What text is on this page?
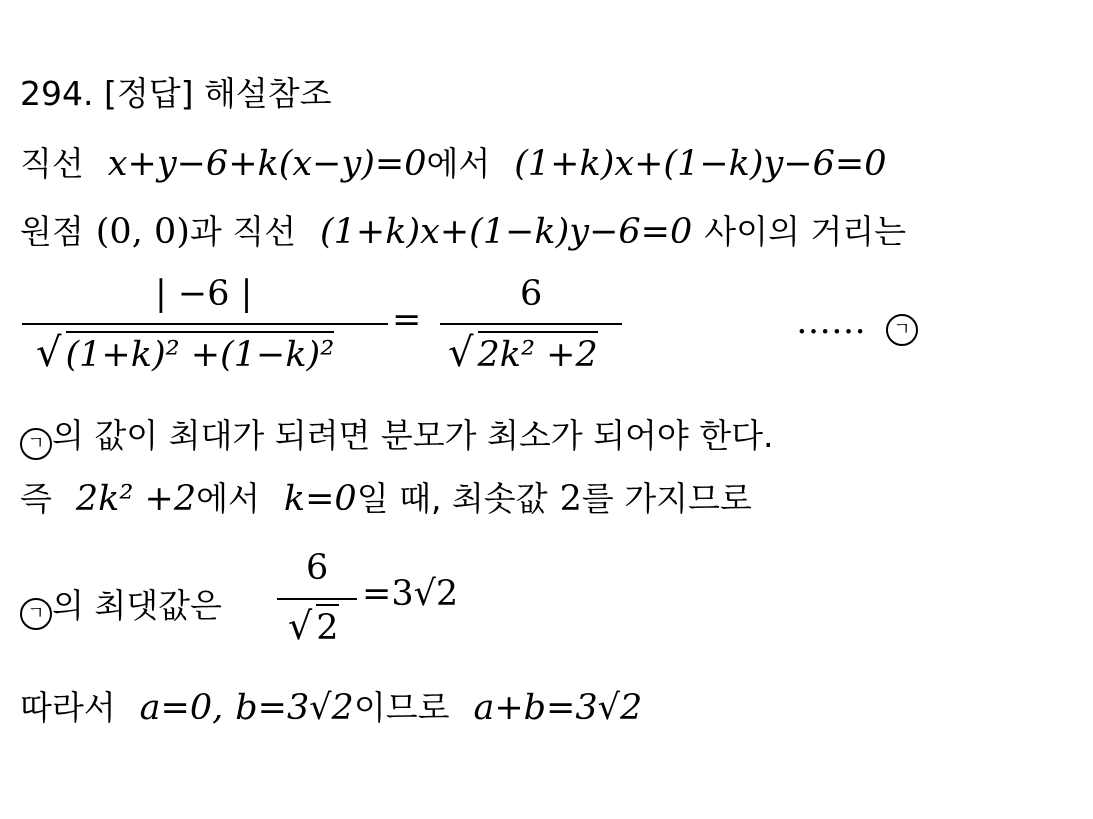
294. [정답] 해설참조
직선 x+y−6+k(x−y)=0 에서 (1+k)x+(1−k)y−6=0
원점 (0, 0) 과 직선 (1+k)x+(1−k)y−6=0 사이의 거리는
| −6 |
√ (1+k)² +(1−k)²
=
6
√ 2k² +2
……	ㄱ
ㄱ 의 값이 최대가 되려면 분모가 최소가 되어야 한다.
즉 2k² +2 에서 k=0 일 때, 최솟값 2 를 가지므로
ㄱ 의 최댓값은
6
√ 2
=3√2
따라서 a=0, b=3√2 이므로 a+b=3√2
